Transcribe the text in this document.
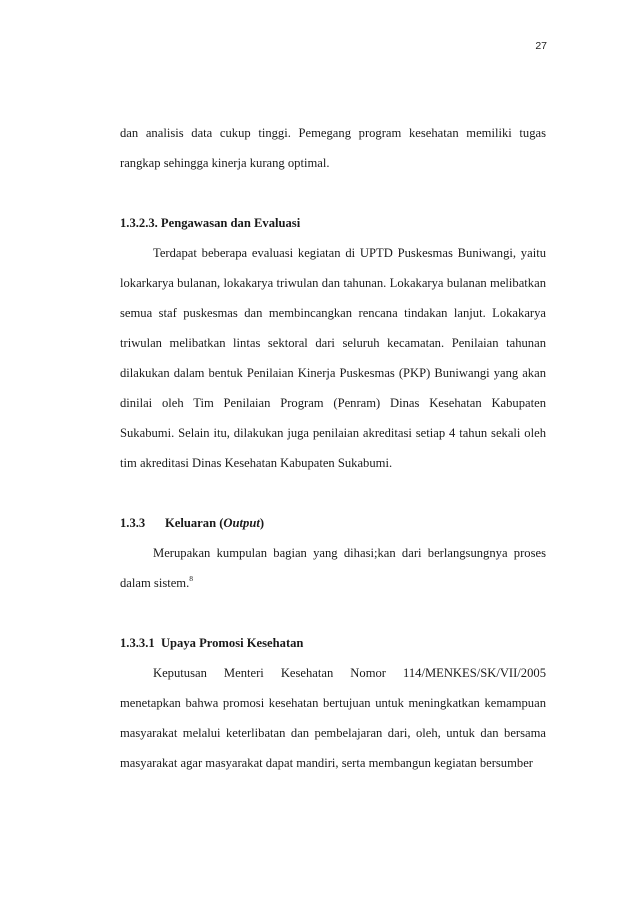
27

dan analisis data cukup tinggi. Pemegang program kesehatan memiliki tugas rangkap sehingga kinerja kurang optimal.

1.3.2.3. Pengawasan dan Evaluasi

Terdapat beberapa evaluasi kegiatan di UPTD Puskesmas Buniwangi, yaitu lokarkarya bulanan, lokakarya triwulan dan tahunan. Lokakarya bulanan melibatkan semua staf puskesmas dan membincangkan rencana tindakan lanjut. Lokakarya triwulan melibatkan lintas sektoral dari seluruh kecamatan. Penilaian tahunan dilakukan dalam bentuk Penilaian Kinerja Puskesmas (PKP) Buniwangi yang akan dinilai oleh Tim Penilaian Program (Penram) Dinas Kesehatan Kabupaten Sukabumi. Selain itu, dilakukan juga penilaian akreditasi setiap 4 tahun sekali oleh tim akreditasi Dinas Kesehatan Kabupaten Sukabumi.

1.3.3 Keluaran (Output)

Merupakan kumpulan bagian yang dihasi;kan dari berlangsungnya proses dalam sistem.$^8$

1.3.3.1 Upaya Promosi Kesehatan

Keputusan Menteri Kesehatan Nomor 114/MENKES/SK/VII/2005 menetapkan bahwa promosi kesehatan bertujuan untuk meningkatkan kemampuan masyarakat melalui keterlibatan dan pembelajaran dari, oleh, untuk dan bersama masyarakat agar masyarakat dapat mandiri, serta membangun kegiatan bersumber
